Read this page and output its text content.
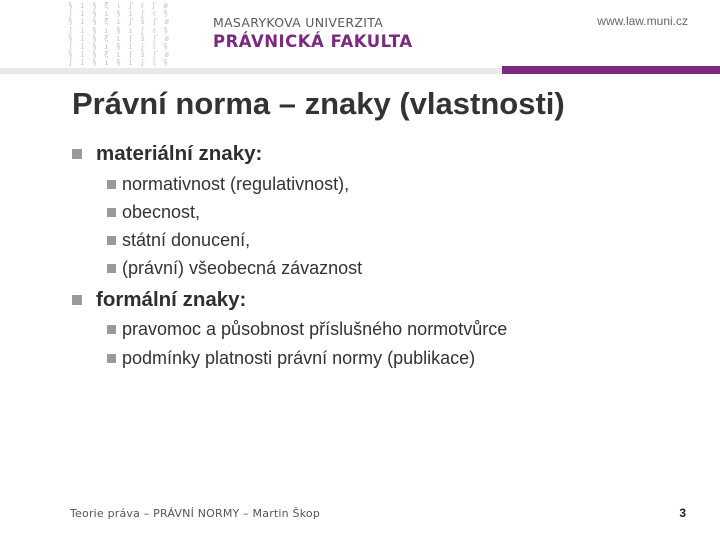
§ i § ξ ι ʃ ℓ ʃ ø
ʃ í § ı § ı ʃ ℓ §
§ í § ξ ı ʃ ŝ ʃ ø
ʃ í § ı § ı ʃ ℓ §
§ í § ξ ı ʃ ŝ ʃ ø
ʃ í § ı § ı ʃ ℓ §
§ í § ξ ı ʃ ŝ ʃ ø
ʃ í § ı § ı ʃ ℓ §
MASARYKOVA UNIVERZITA
PRÁVNICKÁ FAKULTA
www.law.muni.cz
Právní norma – znaky (vlastnosti)
materiální znaky:
normativnost (regulativnost),
obecnost,
státní donucení,
(právní) všeobecná závaznost
formální znaky:
pravomoc a působnost příslušného normotvůrce
podmínky platnosti právní normy (publikace)
Teorie práva – PRÁVNÍ NORMY – Martin Škop	3
